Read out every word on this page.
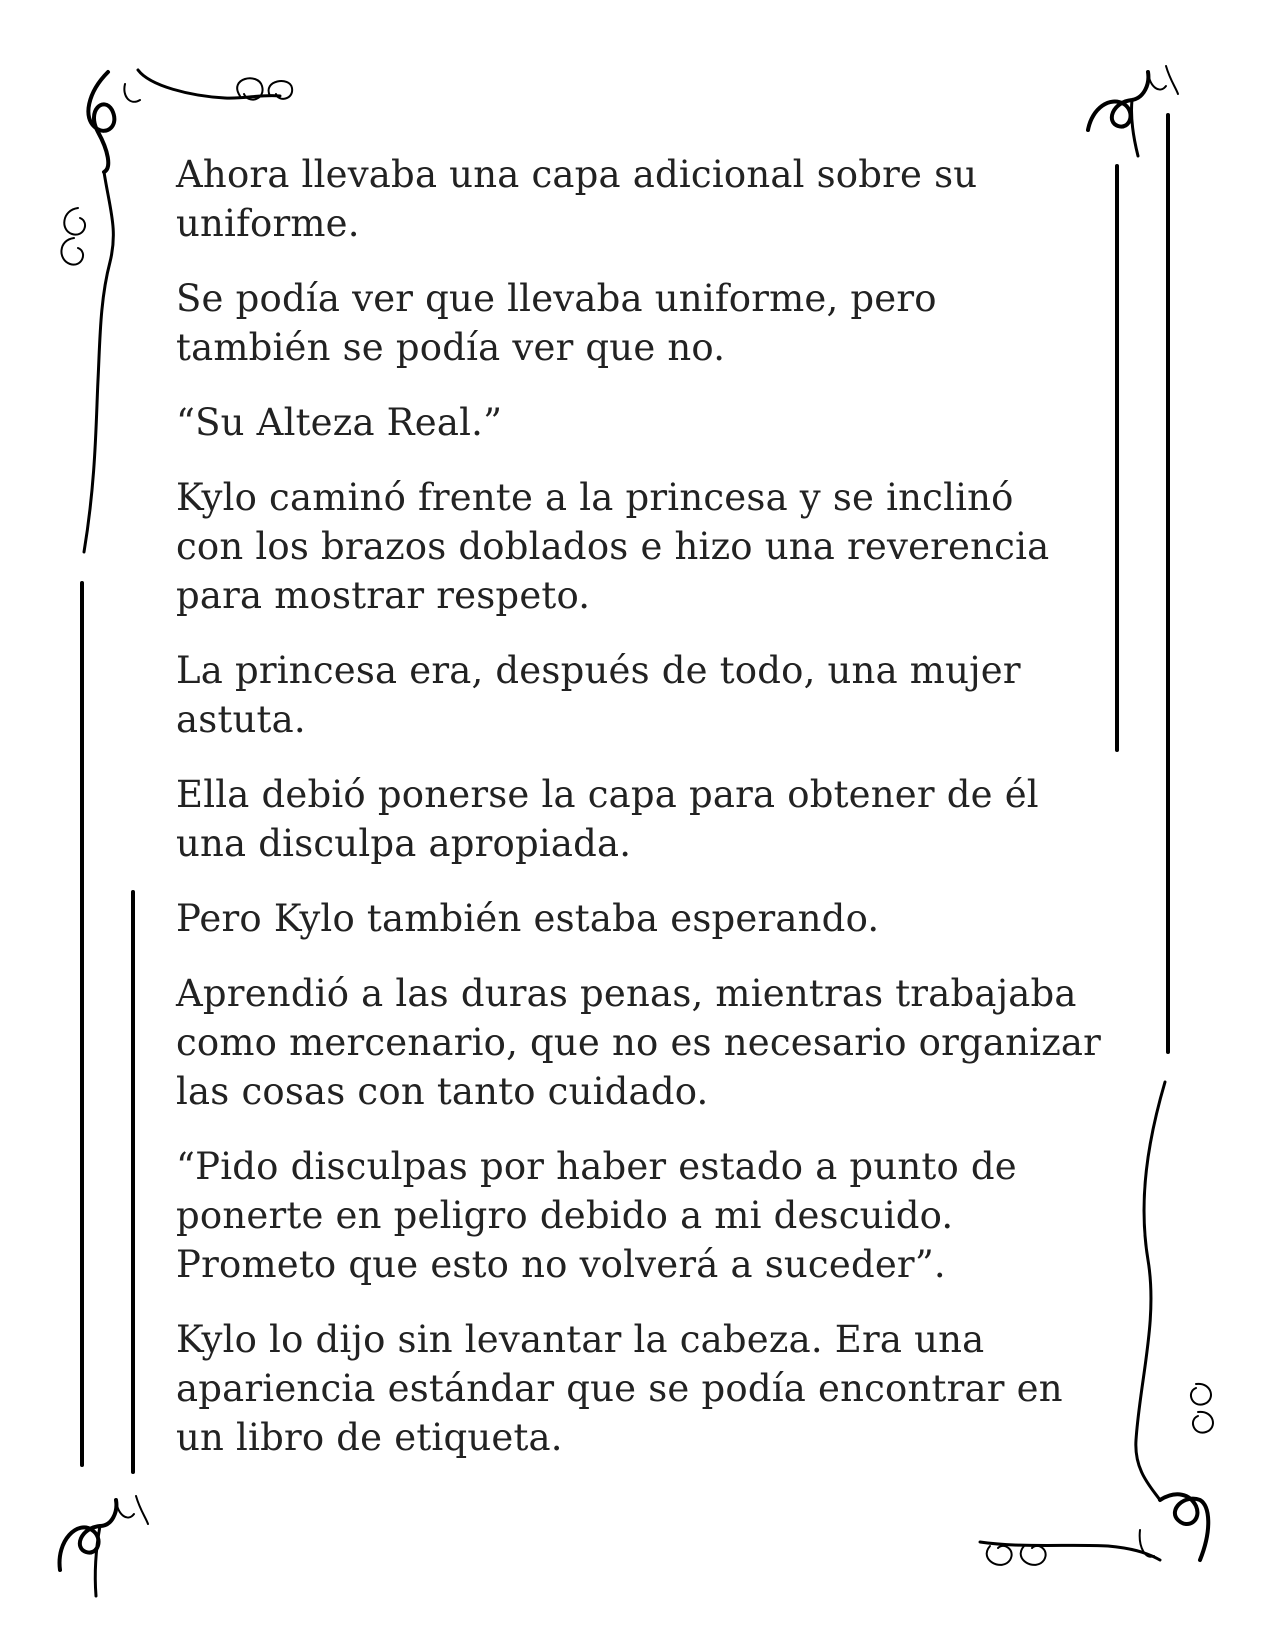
Ahora llevaba una capa adicional sobre su
uniforme.

Se podía ver que llevaba uniforme, pero
también se podía ver que no.

“Su Alteza Real.”

Kylo caminó frente a la princesa y se inclinó
con los brazos doblados e hizo una reverencia
para mostrar respeto.

La princesa era, después de todo, una mujer
astuta.

Ella debió ponerse la capa para obtener de él
una disculpa apropiada.

Pero Kylo también estaba esperando.

Aprendió a las duras penas, mientras trabajaba
como mercenario, que no es necesario organizar
las cosas con tanto cuidado.

“Pido disculpas por haber estado a punto de
ponerte en peligro debido a mi descuido.
Prometo que esto no volverá a suceder”.

Kylo lo dijo sin levantar la cabeza. Era una
apariencia estándar que se podía encontrar en
un libro de etiqueta.
